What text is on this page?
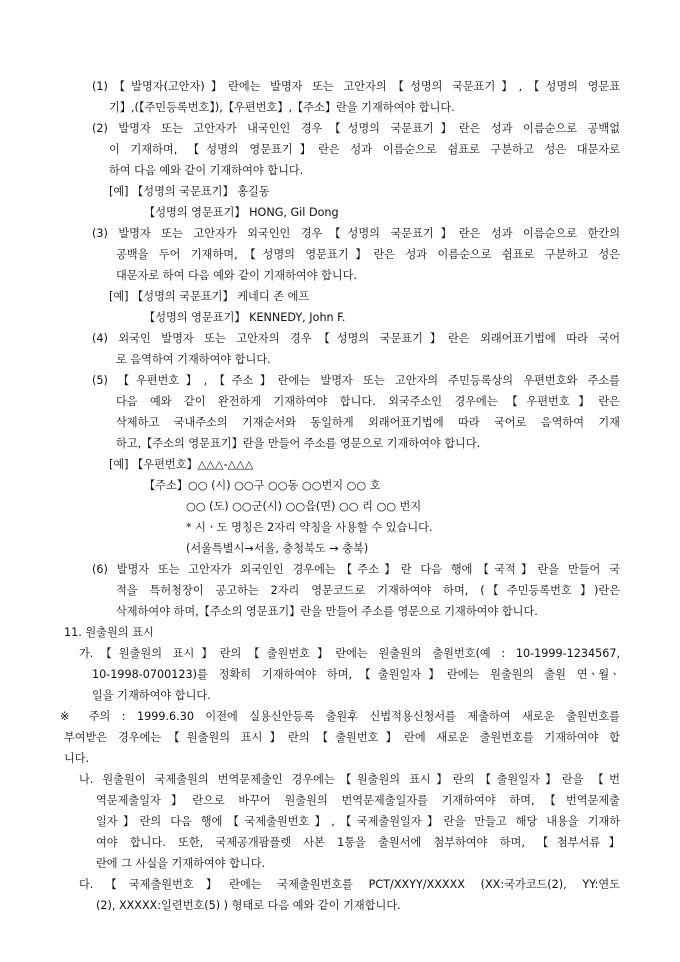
(1)【발명자(고안자)】란에는 발명자 또는 고안자의【성명의 국문표기】,【성명의 영문표
기】,(【주민등록번호】),【우편번호】,【주소】란을 기재하여야 합니다.
(2) 발명자 또는 고안자가 내국인인 경우【성명의 국문표기】란은 성과 이름순으로 공백없
이 기재하며, 【성명의 영문표기】란은 성과 이름순으로 쉼표로 구분하고 성은 대문자로
하여 다음 예와 같이 기재하여야 합니다.
[예] 【성명의 국문표기】 홍길동
【성명의 영문표기】 HONG, Gil Dong
(3) 발명자 또는 고안자가 외국인인 경우【성명의 국문표기】란은 성과 이름순으로 한칸의
공백을 두어 기재하며,【성명의 영문표기】란은 성과 이름순으로 쉼표로 구분하고 성은
대문자로 하여 다음 예와 같이 기재하여야 합니다.
[예] 【성명의 국문표기】 케네디 존 에프
【성명의 영문표기】 KENNEDY, John F.
(4) 외국인 발명자 또는 고안자의 경우【성명의 국문표기】란은 외래어표기법에 따라 국어
로 음역하여 기재하여야 합니다.
(5) 【우편번호】,【주소】란에는 발명자 또는 고안자의 주민등록상의 우편번호와 주소를
다음 예와 같이 완전하게 기재하여야 합니다. 외국주소인 경우에는【우편번호】란은
삭제하고 국내주소의 기재순서와 동일하게 외래어표기법에 따라 국어로 음역하여 기재
하고,【주소의 영문표기】란을 만들어 주소를 영문으로 기재하여야 합니다.
[예] 【우편번호】△△△-△△△
【주소】○○ (시) ○○구 ○○동 ○○번지 ○○ 호
○○ (도) ○○군(시) ○○읍(면) ○○ 리 ○○ 번지
* 시ㆍ도 명칭은 2자리 약칭을 사용할 수 있습니다.
(서울특별시→서울, 충청북도 → 충북)
(6) 발명자 또는 고안자가 외국인인 경우에는【주소】란 다음 행에【국적】란을 만들어 국
적을 특허청장이 공고하는 2자리 영문코드로 기재하여야 하며, (【주민등록번호】)란은
삭제하여야 하며,【주소의 영문표기】란을 만들어 주소를 영문으로 기재하여야 합니다.
11. 원출원의 표시
가.【원출원의 표시】란의【출원번호】란에는 원출원의 출원번호(예 : 10-1999-1234567,
10-1998-0700123)를 정확히 기재하여야 하며,【출원일자】란에는 원출원의 출원 연ㆍ월ㆍ
일을 기재하여야 합니다.
※ 주의 : 1999.6.30 이전에 실용신안등록 출원후 신법적용신청서를 제출하여 새로운 출원번호를
부여받은 경우에는【원출원의 표시】란의【출원번호】란에 새로운 출원번호를 기재하여야 합
니다.
나. 원출원이 국제출원의 번역문제출인 경우에는【원출원의 표시】란의【출원일자】란을 【번
역문제출일자】란으로 바꾸어 원출원의 번역문제출일자를 기재하여야 하며,【번역문제출
일자】란의 다음 행에【국제출원번호】,【국제출원일자】란을 만들고 해당 내용을 기재하
여야 합니다. 또한, 국제공개팜플렛 사본 1통을 출원서에 첨부하여야 하며, 【첨부서류】
란에 그 사실을 기재하여야 합니다.
다.【국제출원번호】란에는 국제출원번호를 PCT/XXYY/XXXXX (XX:국가코드(2), YY:연도
(2), XXXXX:일련번호(5) ) 형태로 다음 예와 같이 기재합니다.
